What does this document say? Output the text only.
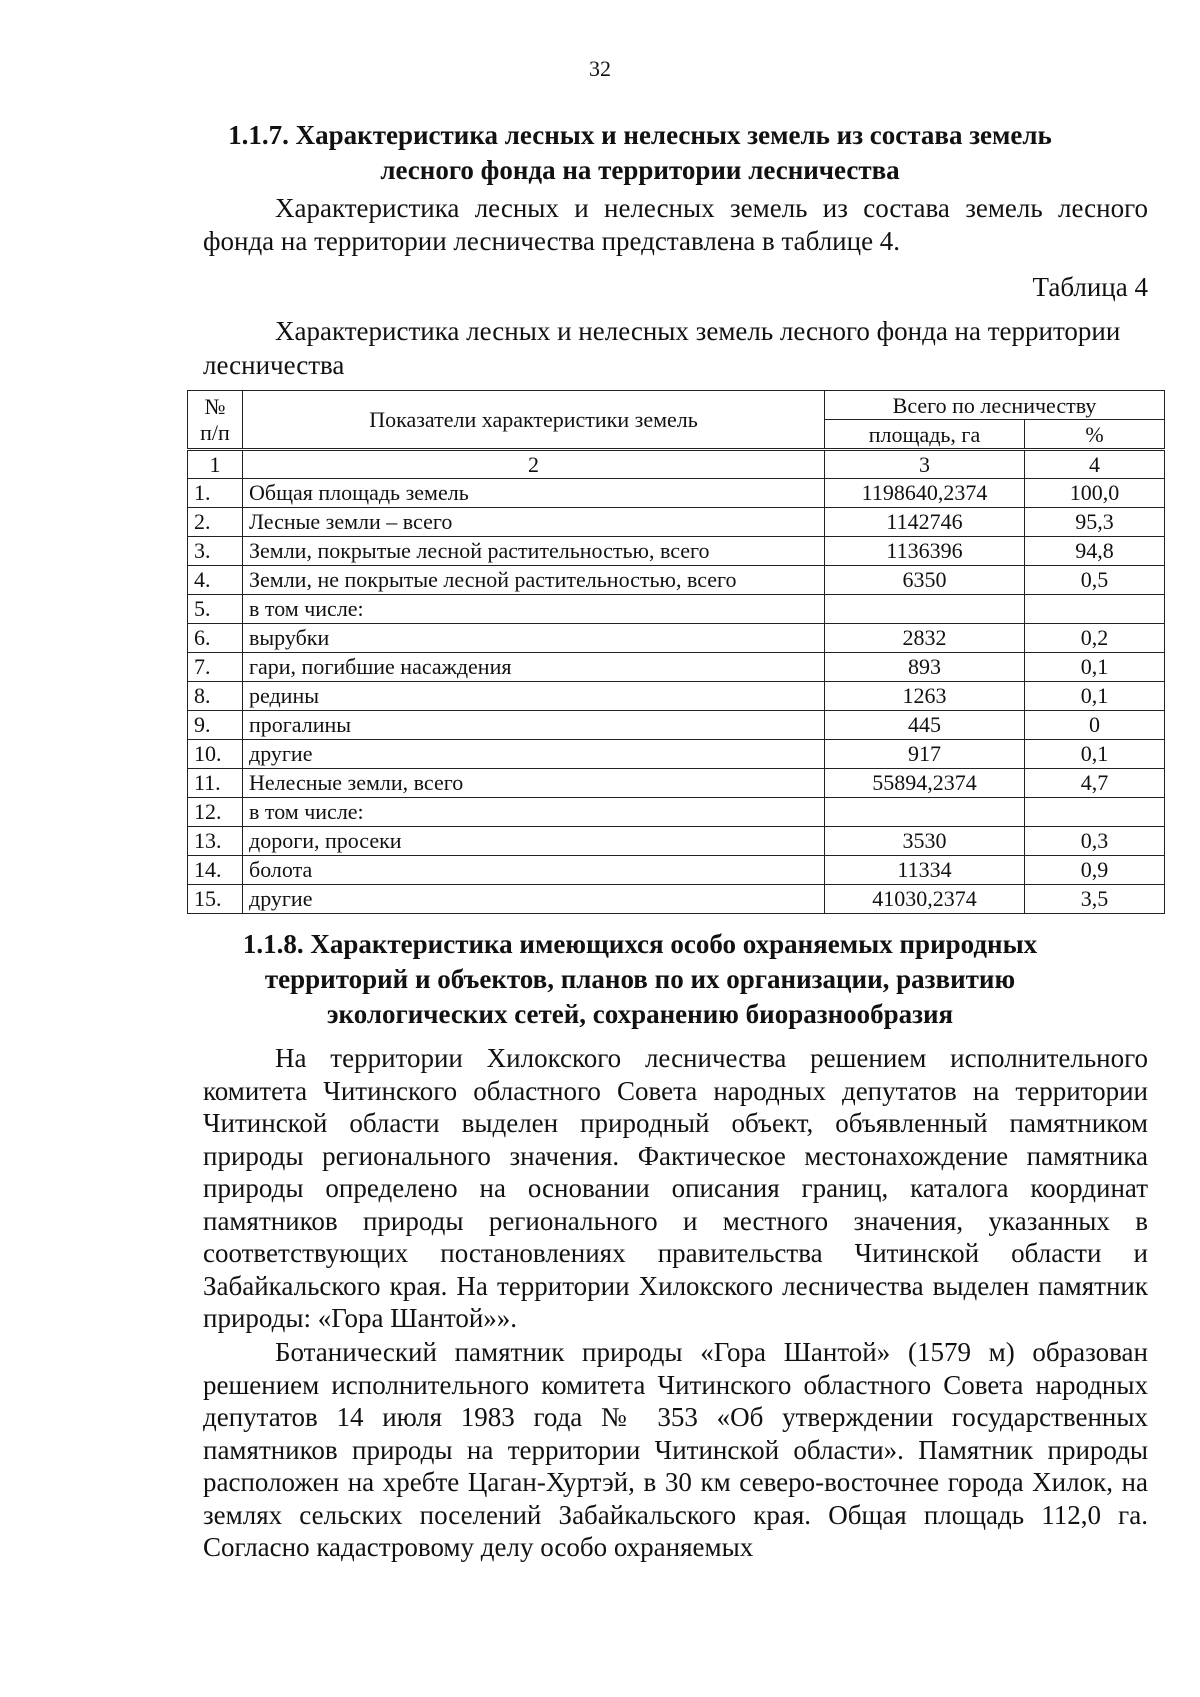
32
1.1.7. Характеристика лесных и нелесных земель из состава земель лесного фонда на территории лесничества

Характеристика лесных и нелесных земель из состава земель лесного фонда на территории лесничества представлена в таблице 4.

Таблица 4

Характеристика лесных и нелесных земель лесного фонда на территории лесничества

№ п/п	Показатели характеристики земель	Всего по лесничеству	
		площадь, га	%
1	2	3	4
1.	Общая площадь земель	1198640,2374	100,0
2.	Лесные земли – всего	1142746	95,3
3.	Земли, покрытые лесной растительностью, всего	1136396	94,8
4.	Земли, не покрытые лесной растительностью, всего	6350	0,5
5.	в том числе:		
6.	вырубки	2832	0,2
7.	гари, погибшие насаждения	893	0,1
8.	редины	1263	0,1
9.	прогалины	445	0
10.	другие	917	0,1
11.	Нелесные земли, всего	55894,2374	4,7
12.	в том числе:		
13.	дороги, просеки	3530	0,3
14.	болота	11334	0,9
15.	другие	41030,2374	3,5
1.1.8. Характеристика имеющихся особо охраняемых природных территорий и объектов, планов по их организации, развитию экологических сетей, сохранению биоразнообразия

На территории Хилокского лесничества решением исполнительного комитета Читинского областного Совета народных депутатов на территории Читинской области выделен природный объект, объявленный памятником природы регионального значения. Фактическое местонахождение памятника природы определено на основании описания границ, каталога координат памятников природы регионального и местного значения, указанных в соответствующих постановлениях правительства Читинской области и Забайкальского края. На территории Хилокского лесничества выделен памятник природы: «Гора Шантой»».

Ботанический памятник природы «Гора Шантой» (1579 м) образован решением исполнительного комитета Читинского областного Совета народных депутатов 14 июля 1983 года № 353 «Об утверждении государственных памятников природы на территории Читинской области». Памятник природы расположен на хребте Цаган-Хуртэй, в 30 км северо-восточнее города Хилок, на землях сельских поселений Забайкальского края. Общая площадь 112,0 га. Согласно кадастровому делу особо охраняемых
